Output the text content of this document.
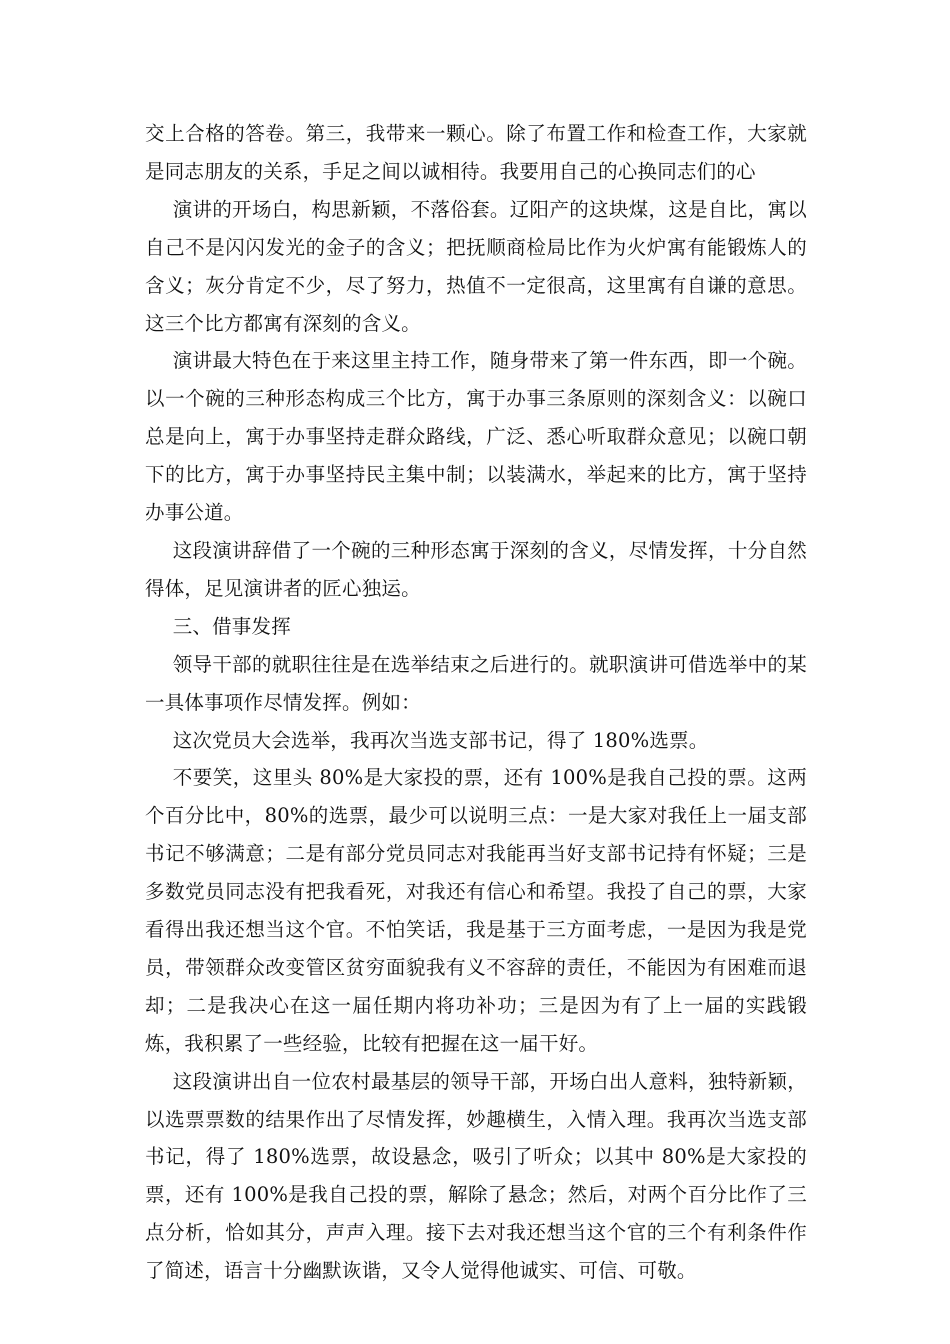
交上合格的答卷。第三，我带来一颗心。除了布置工作和检查工作，大家就是同志朋友的关系，手足之间以诚相待。我要用自己的心换同志们的心

演讲的开场白，构思新颖，不落俗套。辽阳产的这块煤，这是自比，寓以自己不是闪闪发光的金子的含义；把抚顺商检局比作为火炉寓有能锻炼人的含义；灰分肯定不少，尽了努力，热值不一定很高，这里寓有自谦的意思。这三个比方都寓有深刻的含义。

演讲最大特色在于来这里主持工作，随身带来了第一件东西，即一个碗。以一个碗的三种形态构成三个比方，寓于办事三条原则的深刻含义：以碗口总是向上，寓于办事坚持走群众路线，广泛、悉心听取群众意见；以碗口朝下的比方，寓于办事坚持民主集中制；以装满水，举起来的比方，寓于坚持办事公道。

这段演讲辞借了一个碗的三种形态寓于深刻的含义，尽情发挥，十分自然得体，足见演讲者的匠心独运。

三、借事发挥

领导干部的就职往往是在选举结束之后进行的。就职演讲可借选举中的某一具体事项作尽情发挥。例如：

这次党员大会选举，我再次当选支部书记，得了 180%选票。

不要笑，这里头 80%是大家投的票，还有 100%是我自己投的票。这两个百分比中，80%的选票，最少可以说明三点：一是大家对我任上一届支部书记不够满意；二是有部分党员同志对我能再当好支部书记持有怀疑；三是多数党员同志没有把我看死，对我还有信心和希望。我投了自己的票，大家看得出我还想当这个官。不怕笑话，我是基于三方面考虑，一是因为我是党员，带领群众改变管区贫穷面貌我有义不容辞的责任，不能因为有困难而退却；二是我决心在这一届任期内将功补功；三是因为有了上一届的实践锻炼，我积累了一些经验，比较有把握在这一届干好。

这段演讲出自一位农村最基层的领导干部，开场白出人意料，独特新颖，以选票票数的结果作出了尽情发挥，妙趣横生，入情入理。我再次当选支部书记，得了 180%选票，故设悬念，吸引了听众；以其中 80%是大家投的票，还有 100%是我自己投的票，解除了悬念；然后，对两个百分比作了三点分析，恰如其分，声声入理。接下去对我还想当这个官的三个有利条件作了简述，语言十分幽默诙谐，又令人觉得他诚实、可信、可敬。
